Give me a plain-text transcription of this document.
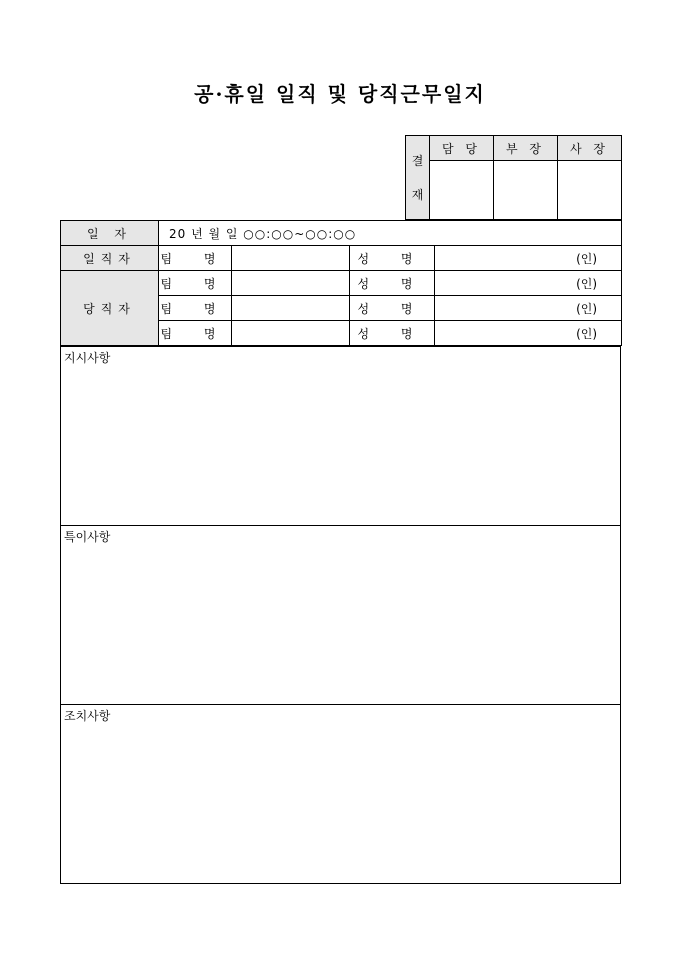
공·휴일 일직 및 당직근무일지
결
재	담 당	부 장	사 장

일 자	20 년 월 일 ○○:○○~○○:○○			
일직자	팀 명		성 명	(인)
당직자	팀 명		성 명	(인)
	팀 명		성 명	(인)
	팀 명		성 명	(인)
지시사항
특이사항
조치사항
